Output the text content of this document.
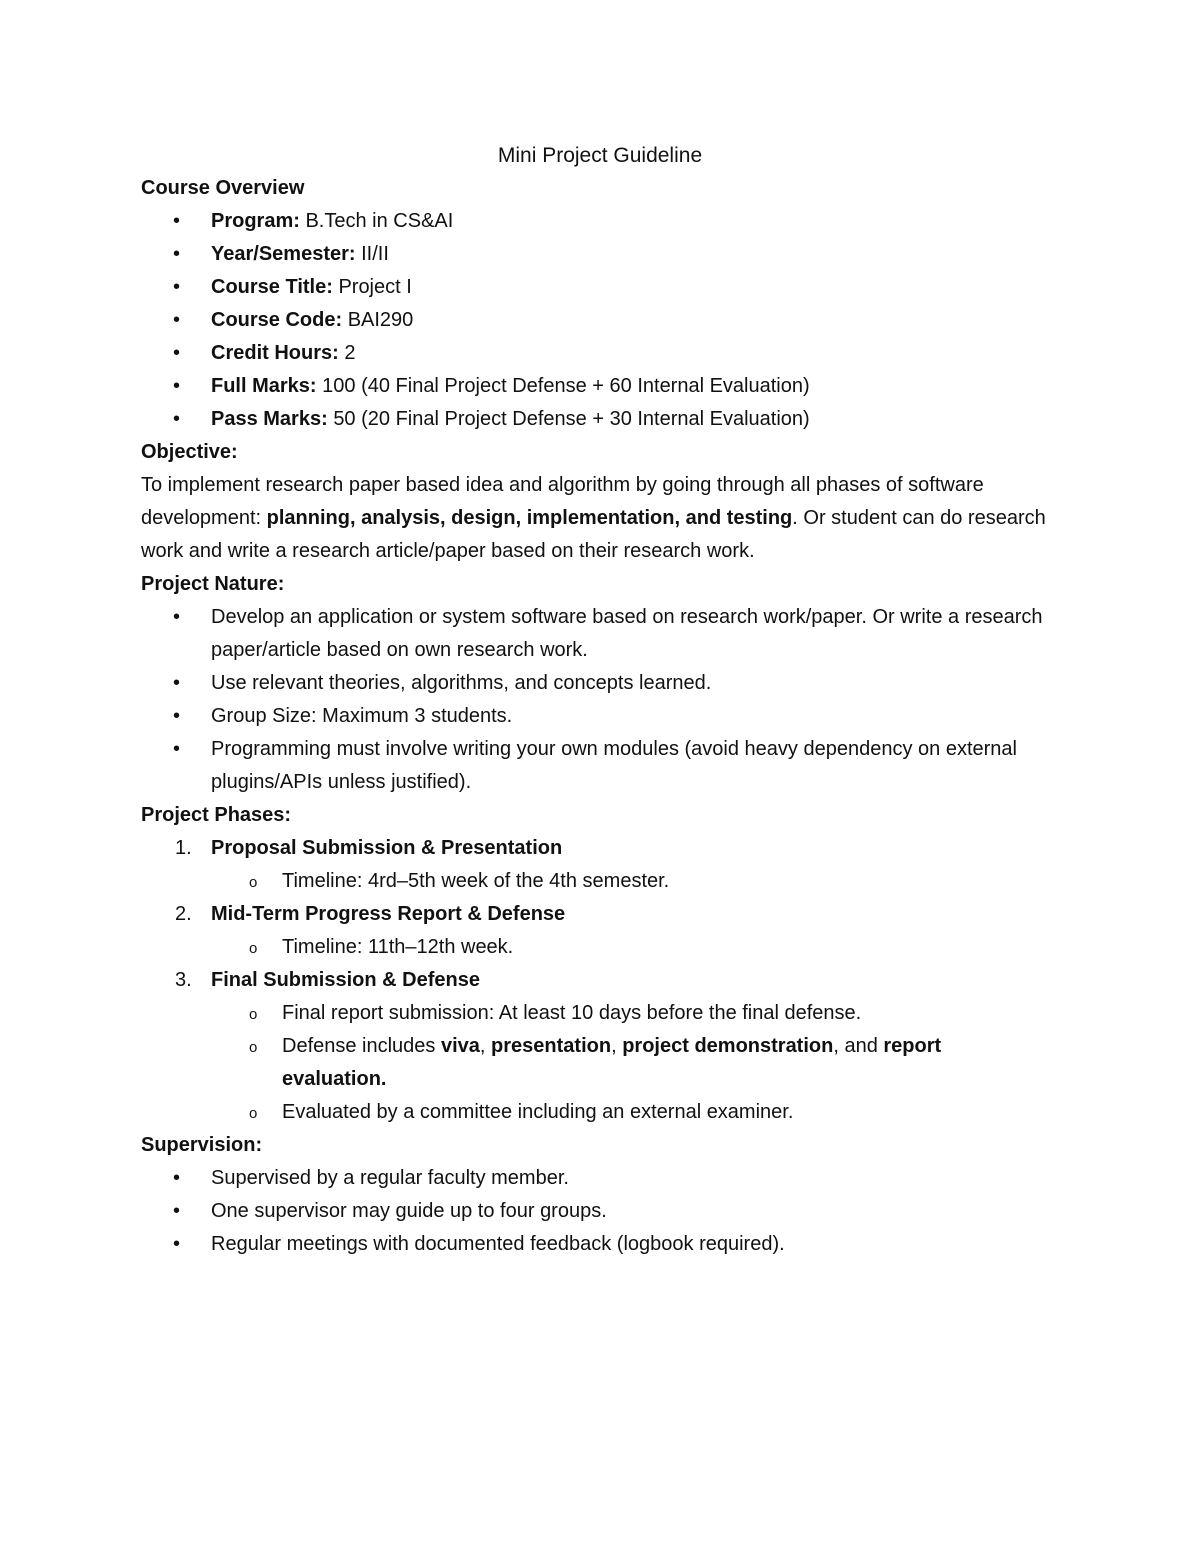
Mini Project Guideline
Course Overview
• Program: B.Tech in CS&AI
• Year/Semester: II/II
• Course Title: Project I
• Course Code: BAI290
• Credit Hours: 2
• Full Marks: 100 (40 Final Project Defense + 60 Internal Evaluation)
• Pass Marks: 50 (20 Final Project Defense + 30 Internal Evaluation)
Objective:

To implement research paper based idea and algorithm by going through all phases of software development: planning, analysis, design, implementation, and testing. Or student can do research work and write a research article/paper based on their research work.

Project Nature:
• Develop an application or system software based on research work/paper. Or write a research paper/article based on own research work.
• Use relevant theories, algorithms, and concepts learned.
• Group Size: Maximum 3 students.
• Programming must involve writing your own modules (avoid heavy dependency on external plugins/APIs unless justified).
Project Phases:
1. Proposal Submission & Presentation
o Timeline: 4rd–5th week of the 4th semester.
2. Mid-Term Progress Report & Defense
o Timeline: 11th–12th week.
3. Final Submission & Defense
o Final report submission: At least 10 days before the final defense.
o Defense includes viva, presentation, project demonstration, and report evaluation.
o Evaluated by a committee including an external examiner.
Supervision:
• Supervised by a regular faculty member.
• One supervisor may guide up to four groups.
• Regular meetings with documented feedback (logbook required).
